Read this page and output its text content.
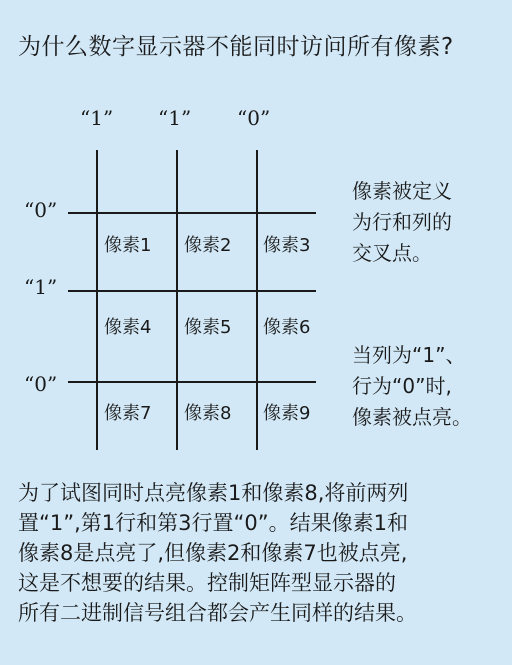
为什么数字显示器不能同时访问所有像素?
“1” “1” “0”
“0”
“1”
“0”
像素1 像素2 像素3
像素4 像素5 像素6
像素7 像素8 像素9
像素被定义
为行和列的
交叉点。
当列为“1”、
行为“0”时,
像素被点亮。
为了试图同时点亮像素1和像素8,将前两列
置“1”,第1行和第3行置“0”。结果像素1和
像素8是点亮了,但像素2和像素7也被点亮,
这是不想要的结果。控制矩阵型显示器的
所有二进制信号组合都会产生同样的结果。
